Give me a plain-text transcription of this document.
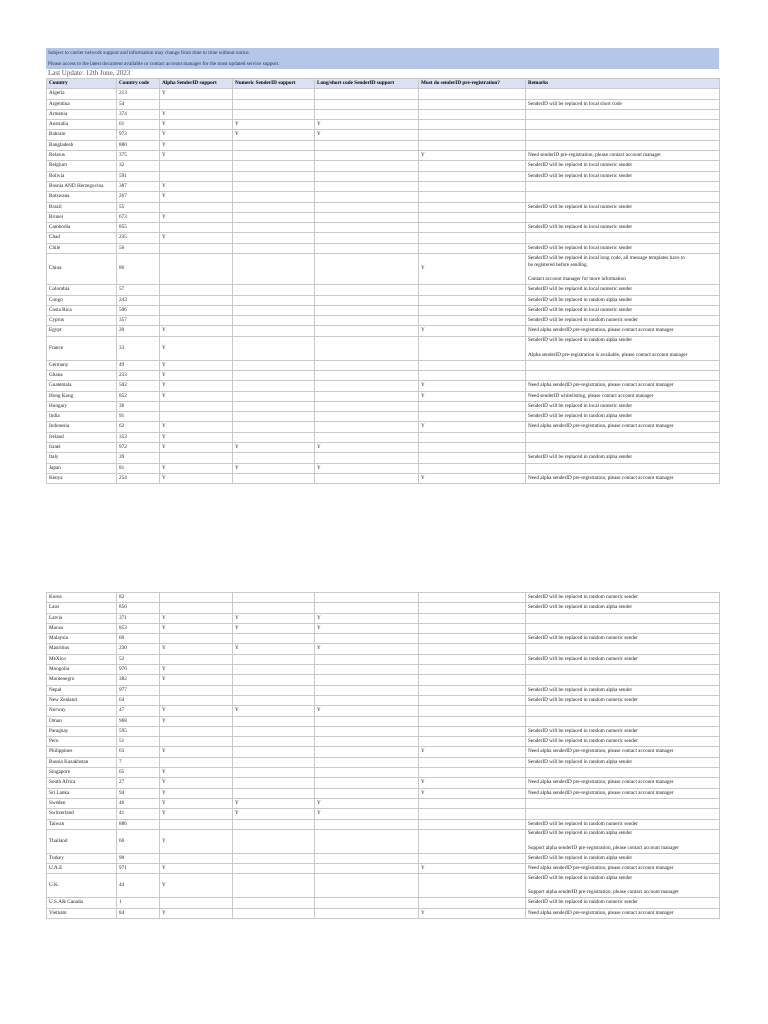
Subject to carrier network support and information may change from time to time without notice.
Please access to the latest document available or contact account manager for the most updated service support.
Last Update: 12th June, 2023
Country	Country code	Alpha SenderID support	Numeric SenderID support	Long/short code SenderID support	Must do senderID pre-registration?	Remarks
Algeria	213	Y				
Argentina	54					SenderID will be replaced in local short code
Armenia	374	Y				
Australia	61	Y	Y	Y		
Bahrain	973	Y	Y	Y		
Bangladesh	880	Y				
Belarus	375	Y			Y	Need senderID pre-registration, please contact account manager
Belgium	32					SenderID will be replaced in local numeric sender
Bolivia	591					SenderID will be replaced in local numeric sender
Bosnia AND Herzegovina	387	Y				
Botswana	267	Y				
Brazil	55					SenderID will be replaced in local numeric sender
Brunei	673	Y				
Cambodia	855					SenderID will be replaced in local numeric sender
Chad	235	Y				
Chile	56					SenderID will be replaced in local numeric sender
China	86				Y	SenderID will be replaced in local long code, all message templates have to
be registered before sending.

Contact account manager for more information
Colombia	57					SenderID will be replaced in local numeric sender
Congo	243					SenderID will be replaced in random alpha sender
Costa Rica	506					SenderID will be replaced in local numeric sender
Cyprus	357					SenderID will be replaced in random numeric sender
Egypt	20	Y			Y	Need alpha senderID pre-registration, please contact account manager
France	33	Y				SenderID will be replaced in random alpha sender

Alpha senderID pre-registration is available, please contact account manager
Germany	49	Y				
Ghana	233	Y				
Guatemala	502	Y			Y	Need alpha senderID pre-registration, please contact account manager
Hong Kong	852	Y			Y	Need senderID whitelisting, please contact account manager
Hungary	36					SenderID will be replaced in local numeric sender
India	91					SenderID will be replaced in random alpha sender
Indonesia	62	Y			Y	Need alpha senderID pre-registration, please contact account manager
Ireland	353	Y				
Israel	972	Y	Y	Y		
Italy	39					SenderID will be replaced in random alpha sender
Japan	81	Y	Y	Y		
Kenya	254	Y			Y	Need alpha senderID pre-registration, please contact account manager
Korea	82					SenderID will be replaced in random numeric sender
Laos	856					SenderID will be replaced in random alpha sender
Latvia	371	Y	Y	Y		
Macau	853	Y	Y	Y		
Malaysia	60					SenderID will be replaced in random numeric sender
Mauritius	230	Y	Y	Y		
MeXico	52					SenderID will be replaced in random numeric sender
Mongolia	976	Y				
Montenegro	382	Y				
Nepal	977					SenderID will be replaced in random alpha sender
New Zealand	64					SenderID will be replaced in random numeric sender
Norway	47	Y	Y	Y		
Oman	968	Y				
Paraguay	595					SenderID will be replaced in random numeric sender
Peru	51					SenderID will be replaced in random numeric sender
Philippines	63	Y			Y	Need alpha senderID pre-registration, please contact account manager
Russia Kazakhstan	7					SenderID will be replaced in random alpha sender
Singapore	65	Y				
South Africa	27	Y			Y	Need alpha senderID pre-registration, please contact account manager
Sri Lanka	94	Y			Y	Need alpha senderID pre-registration, please contact account manager
Sweden	46	Y	Y	Y		
Switzerland	41	Y	Y	Y		
Taiwan	886					SenderID will be replaced in random numeric sender
Thailand	66	Y				SenderID will be replaced in random alpha sender

Support alpha senderID pre-registration, please contact account manager
Turkey	90					SenderID will be replaced in random alpha sender
U.A.E	971	Y			Y	Need alpha senderID pre-registration, please contact account manager
U.K.	44	Y				SenderID will be replaced in random alpha sender

Support alpha senderID pre-registration, please contact account manager
U.S.A& Canada	1					SenderID will be replaced in random numeric sender
Vietnam	84	Y			Y	Need alpha senderID pre-registration, please contact account manager
